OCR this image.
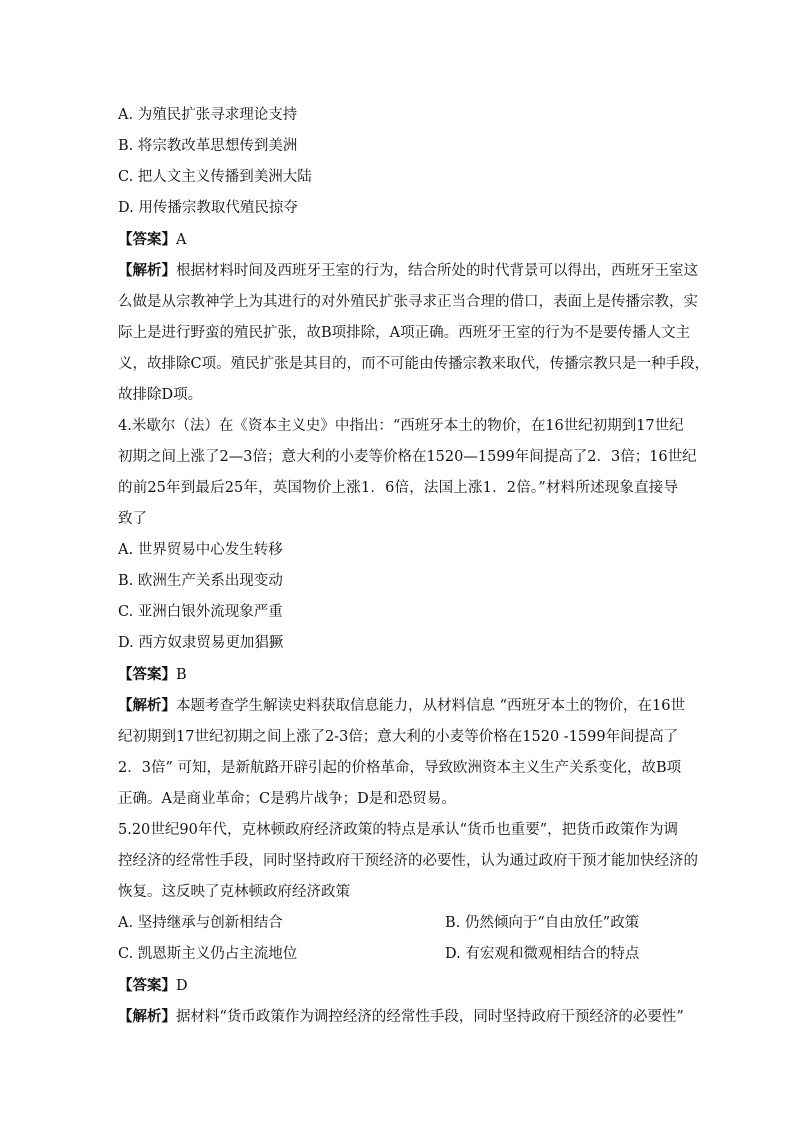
A. 为殖民扩张寻求理论支持
B. 将宗教改革思想传到美洲
C. 把人文主义传播到美洲大陆
D. 用传播宗教取代殖民掠夺
【答案】A
【解析】根据材料时间及西班牙王室的行为，结合所处的时代背景可以得出，西班牙王室这
么做是从宗教神学上为其进行的对外殖民扩张寻求正当合理的借口，表面上是传播宗教，实
际上是进行野蛮的殖民扩张，故B项排除，A项正确。西班牙王室的行为不是要传播人文主
义，故排除C项。殖民扩张是其目的，而不可能由传播宗教来取代，传播宗教只是一种手段，
故排除D项。
4.米歇尔（法）在《资本主义史》中指出：“西班牙本土的物价，在16世纪初期到17世纪
初期之间上涨了2—3倍；意大利的小麦等价格在1520—1599年间提高了2．3倍；16世纪
的前25年到最后25年，英国物价上涨1．6倍，法国上涨1．2倍。”材料所述现象直接导
致了
A. 世界贸易中心发生转移
B. 欧洲生产关系出现变动
C. 亚洲白银外流现象严重
D. 西方奴隶贸易更加猖獗
【答案】B
【解析】本题考查学生解读史料获取信息能力，从材料信息 “西班牙本土的物价，在16世
纪初期到17世纪初期之间上涨了2-3倍；意大利的小麦等价格在1520 -1599年间提高了
2．3倍” 可知，是新航路开辟引起的价格革命，导致欧洲资本主义生产关系变化，故B项
正确。A是商业革命；C是鸦片战争；D是和恐贸易。
5.20世纪90年代，克林顿政府经济政策的特点是承认“货币也重要”，把货币政策作为调
控经济的经常性手段，同时坚持政府干预经济的必要性，认为通过政府干预才能加快经济的
恢复。这反映了克林顿政府经济政策
A. 坚持继承与创新相结合	B. 仍然倾向于“自由放任”政策
C. 凯恩斯主义仍占主流地位	D. 有宏观和微观相结合的特点
【答案】D
【解析】据材料“货币政策作为调控经济的经常性手段，同时坚持政府干预经济的必要性”
